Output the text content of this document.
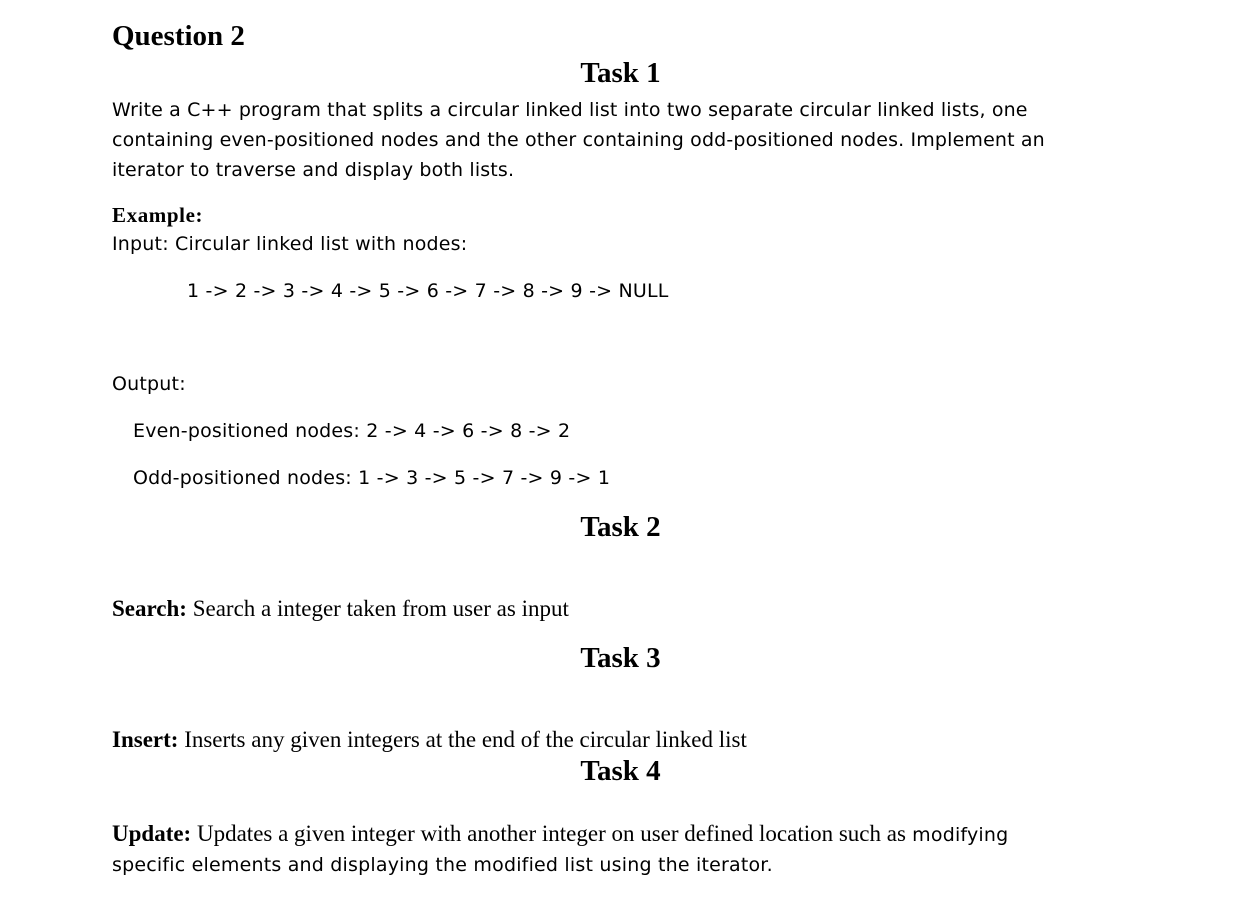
Question 2
Task 1
Write a C++ program that splits a circular linked list into two separate circular linked lists, one containing even-positioned nodes and the other containing odd-positioned nodes. Implement an iterator to traverse and display both lists.
Example:
Input: Circular linked list with nodes:
1 -> 2 -> 3 -> 4 -> 5 -> 6 -> 7 -> 8 -> 9 -> NULL
Output:
Even-positioned nodes: 2 -> 4 -> 6 -> 8 -> 2
Odd-positioned nodes: 1 -> 3 -> 5 -> 7 -> 9 -> 1
Task 2
Search: Search a integer taken from user as input
Task 3
Insert: Inserts any given integers at the end of the circular linked list
Task 4
Update: Updates a given integer with another integer on user defined location such as modifying
specific elements and displaying the modified list using the iterator.
